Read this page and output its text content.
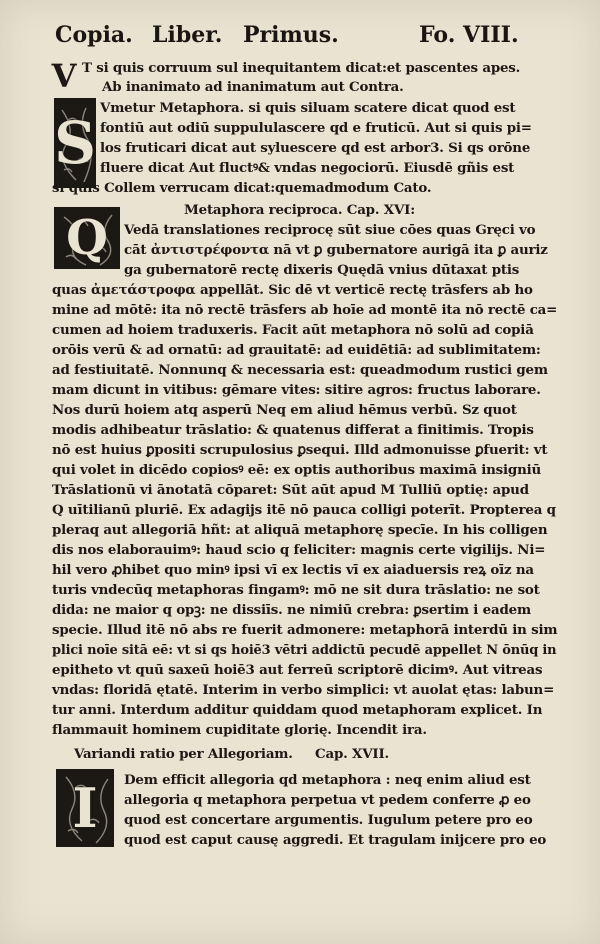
Copia. Liber. Primus.	Fo. VIII.
V
S
Q
I
T si quis corruum sul inequitantem dicat:et pascentes apes.
Ab inanimato ad inanimatum aut Contra.
Vmetur Metaphora. si quis siluam scatere dicat quod est
fontiū aut odiū suppululascere qd e fruticū. Aut si quis pi=
los fruticari dicat aut syluescere qd est arbor3. Si qs orōne
fluere dicat Aut fluctꝰ& vndas negociorū. Eiusdē gñis est
si quis Collem verrucam dicat:quemadmodum Cato.
Metaphora reciproca. Cap. XVI:
Vedā translationes reciprocę sūt siue cōes quas Gręci vo
cāt ἀντιστρέφοντα nā vt ꝑ gubernatore aurigā ita ꝑ auriz
ga gubernatorē rectę dixeris Quędā vnius dūtaxat ptis
quas ἀμετάστροφα appellāt. Sic dē vt verticē rectę trāsfers ab ho
mine ad mōtē: ita nō rectē trāsfers ab hoīe ad montē ita nō rectē ca=
cumen ad hoiem traduxeris. Facit aūt metaphora nō solū ad copiā
orōis verū & ad ornatū: ad grauitatē: ad euidētiā: ad sublimitatem:
ad festiuitatē. Nonnunq & necessaria est: queadmodum rustici gem
mam dicunt in vitibus: gēmare vites: sitire agros: fructus laborare.
Nos durū hoiem atq asperū Neq em aliud hēmus verbū. Sz quot
modis adhibeatur trāslatio: & quatenus differat a finitimis. Tropis
nō est huius ꝑpositi scrupulosius ꝑsequi. Illd admonuisse ꝑfuerit: vt
qui volet in dicēdo copiosꝰ eē: ex optis authoribus maximā insigniū
Trāslationū vi ānotatā cōparet: Sūt aūt apud M Tulliū optię: apud
Q uītilianū pluriē. Ex adagijs itē nō pauca colligi poterīt. Propterea q
pleraq aut allegoriā hñt: at aliquā metaphorę specīe. In his colligen
dis nos elaborauimꝰ: haud scio q feliciter: magnis certe vigilijs. Ni=
hil vero ꝓhibet quo minꝰ ipsi vī ex lectis vī ex aiaduersis reꝝ oīz na
turis vndecūq metaphoras fingamꝰ: mō ne sit dura trāslatio: ne sot
dida: ne maior q opꝫ: ne dissiīs. ne nimiū crebra: ꝑsertim i eadem
specie. Illud itē nō abs re fuerit admonere: metaphorā interdū in sim
plici noīe sitā eē: vt si qs hoiē3 vētri addictū pecudē appellet N ōnūq in
epitheto vt quū saxeū hoiē3 aut ferreū scriptorē dicimꝰ. Aut vitreas
vndas: floridā ętatē. Interim in verbo simplici: vt auolat ętas: labun=
tur anni. Interdum additur quiddam quod metaphoram explicet. In
flammauit hominem cupiditate glorię. Incendit ira.
Variandi ratio per Allegoriam.     Cap. XVII.
Dem efficit allegoria qd metaphora : neq enim aliud est
allegoria q metaphora perpetua vt pedem conferre ꝓ eo
quod est concertare argumentis. Iugulum petere pro eo
quod est caput causę aggredi. Et tragulam inijcere pro eo
